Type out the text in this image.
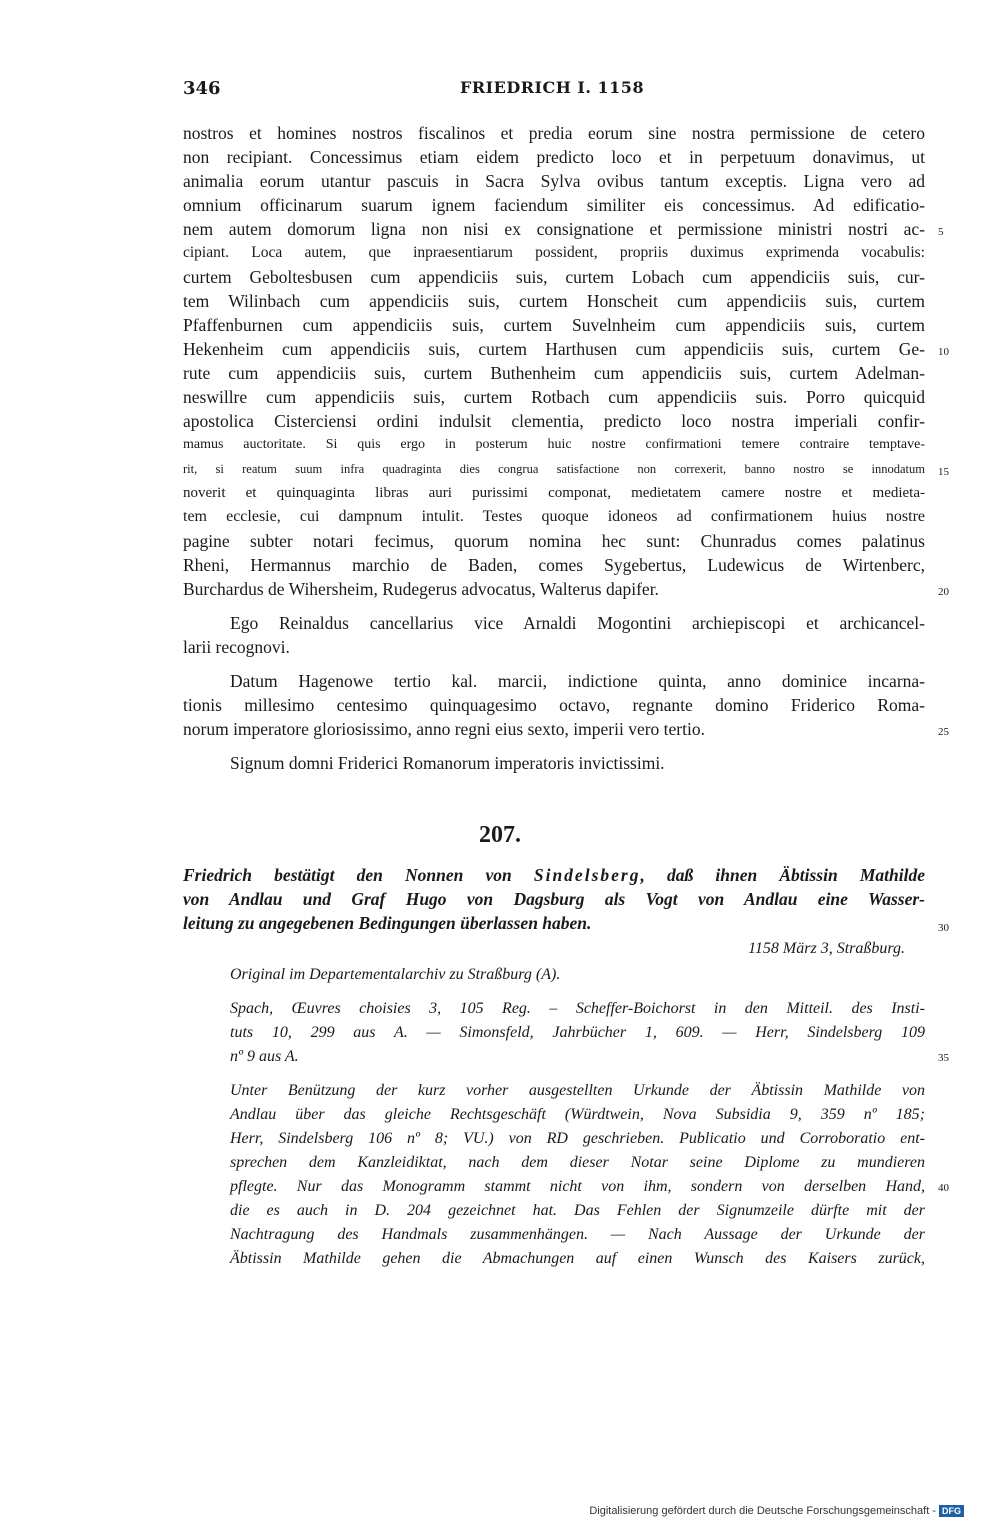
346	FRIEDRICH I. 1158
nostros et homines nostros fiscalinos et predia eorum sine nostra permissione de cetero
non recipiant. Concessimus etiam eidem predicto loco et in perpetuum donavimus, ut
animalia eorum utantur pascuis in Sacra Sylva ovibus tantum exceptis. Ligna vero ad
omnium officinarum suarum ignem faciendum similiter eis concessimus. Ad edificatio-
nem autem domorum ligna non nisi ex consignatione et permissione ministri nostri ac-
cipiant. Loca autem, que inpraesentiarum possident, propriis duximus exprimenda vocabulis:
curtem Geboltesbusen cum appendiciis suis, curtem Lobach cum appendiciis suis, cur-
tem Wilinbach cum appendiciis suis, curtem Honscheit cum appendiciis suis, curtem
Pfaffenburnen cum appendiciis suis, curtem Suvelnheim cum appendiciis suis, curtem
Hekenheim cum appendiciis suis, curtem Harthusen cum appendiciis suis, curtem Ge-
rute cum appendiciis suis, curtem Buthenheim cum appendiciis suis, curtem Adelman-
neswillre cum appendiciis suis, curtem Rotbach cum appendiciis suis. Porro quicquid
apostolica Cisterciensi ordini indulsit clementia, predicto loco nostra imperiali confir-
mamus auctoritate. Si quis ergo in posterum huic nostre confirmationi temere contraire temptave-
rit, si reatum suum infra quadraginta dies congrua satisfactione non correxerit, banno nostro se innodatum
noverit et quinquaginta libras auri purissimi componat, medietatem camere nostre et medieta-
tem ecclesie, cui dampnum intulit. Testes quoque idoneos ad confirmationem huius nostre
pagine subter notari fecimus, quorum nomina hec sunt: Chunradus comes palatinus
Rheni, Hermannus marchio de Baden, comes Sygebertus, Ludewicus de Wirtenberc,
Burchardus de Wihersheim, Rudegerus advocatus, Walterus dapifer.
Ego Reinaldus cancellarius vice Arnaldi Mogontini archiepiscopi et archicancel-
larii recognovi.
Datum Hagenowe tertio kal. marcii, indictione quinta, anno dominice incarna-
tionis millesimo centesimo quinquagesimo octavo, regnante domino Friderico Roma-
norum imperatore gloriosissimo, anno regni eius sexto, imperii vero tertio.
Signum domni Friderici Romanorum imperatoris invictissimi.
5
10
15
20
25
30
35
40
207.
Friedrich bestätigt den Nonnen von Sindelsberg, daß ihnen Äbtissin Mathilde
von Andlau und Graf Hugo von Dagsburg als Vogt von Andlau eine Wasser-
leitung zu angegebenen Bedingungen überlassen haben.
1158 März 3, Straßburg.
Original im Departementalarchiv zu Straßburg (A).
Spach, Œuvres choisies 3, 105 Reg. – Scheffer-Boichorst in den Mitteil. des Insti-
tuts 10, 299 aus A. — Simonsfeld, Jahrbücher 1, 609. — Herr, Sindelsberg 109
nº 9 aus A.
Unter Benützung der kurz vorher ausgestellten Urkunde der Äbtissin Mathilde von
Andlau über das gleiche Rechtsgeschäft (Würdtwein, Nova Subsidia 9, 359 nº 185;
Herr, Sindelsberg 106 nº 8; VU.) von RD geschrieben. Publicatio und Corroboratio ent-
sprechen dem Kanzleidiktat, nach dem dieser Notar seine Diplome zu mundieren
pflegte. Nur das Monogramm stammt nicht von ihm, sondern von derselben Hand,
die es auch in D. 204 gezeichnet hat. Das Fehlen der Signumzeile dürfte mit der
Nachtragung des Handmals zusammenhängen. — Nach Aussage der Urkunde der
Äbtissin Mathilde gehen die Abmachungen auf einen Wunsch des Kaisers zurück,
Digitalisierung gefördert durch die Deutsche Forschungsgemeinschaft - DFG
